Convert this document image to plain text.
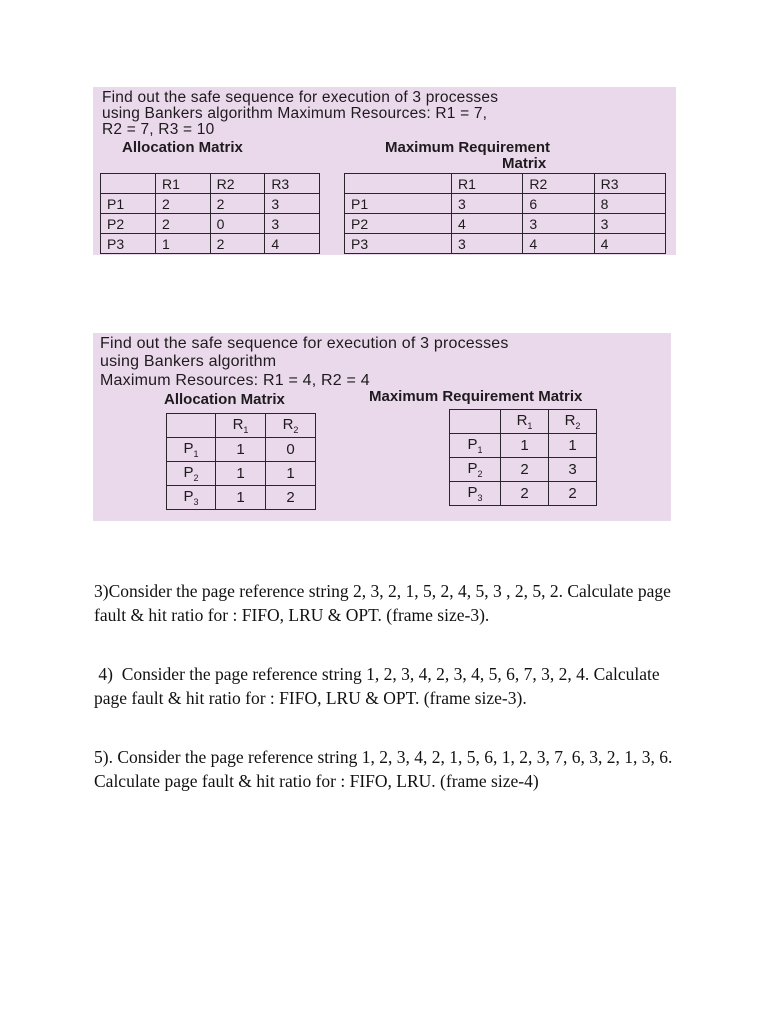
Find out the safe sequence for execution of 3 processes
using Bankers algorithm Maximum Resources: R1 = 7,
R2 = 7, R3 = 10
Allocation Matrix	Maximum Requirement
Matrix
	R1	R2	R3
P1	2	2	3
P2	2	0	3
P3	1	2	4
	R1	R2	R3
P1	3	6	8
P2	4	3	3
P3	3	4	4
Find out the safe sequence for execution of 3 processes
using Bankers algorithm
Maximum Resources: R1 = 4, R2 = 4
Allocation Matrix	Maximum Requirement Matrix
	$R_1$	$R_2$
$P_1$	1	0
$P_2$	1	1
$P_3$	1	2
	$R_1$	$R_2$
$P_1$	1	1
$P_2$	2	3
$P_3$	2	2
3)Consider the page reference string 2, 3, 2, 1, 5, 2, 4, 5, 3 , 2, 5, 2. Calculate page fault & hit ratio for : FIFO, LRU & OPT. (frame size-3).
4)  Consider the page reference string 1, 2, 3, 4, 2, 3, 4, 5, 6, 7, 3, 2, 4. Calculate page fault & hit ratio for : FIFO, LRU & OPT. (frame size-3).
5). Consider the page reference string 1, 2, 3, 4, 2, 1, 5, 6, 1, 2, 3, 7, 6, 3, 2, 1, 3, 6. Calculate page fault & hit ratio for : FIFO, LRU. (frame size-4)
